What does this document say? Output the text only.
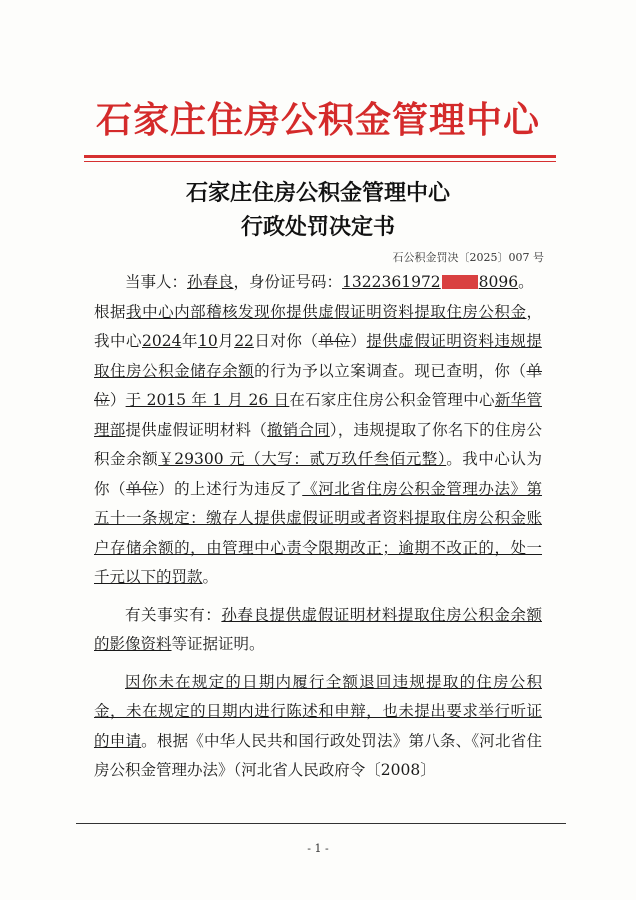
石家庄住房公积金管理中心
石家庄住房公积金管理中心
行政处罚决定书
石公积金罚决〔2025〕007 号

当事人：孙春良，身份证号码：1322361972 8096。

根据我中心内部稽核发现你提供虚假证明资料提取住房公积金，我中心2024年10月22日对你（单位）提供虚假证明资料违规提取住房公积金储存余额的行为予以立案调查。现已查明，你（单位）于 2015 年 1 月 26 日在石家庄住房公积金管理中心新华管理部提供虚假证明材料（撤销合同），违规提取了你名下的住房公积金余额￥29300 元（大写：贰万玖仟叁佰元整）。我中心认为你（单位）的上述行为违反了《河北省住房公积金管理办法》第五十一条规定：缴存人提供虚假证明或者资料提取住房公积金账户存储余额的，由管理中心责令限期改正；逾期不改正的，处一千元以下的罚款。

有关事实有：孙春良提供虚假证明材料提取住房公积金余额的影像资料等证据证明。

因你未在规定的日期内履行全额退回违规提取的住房公积金，未在规定的日期内进行陈述和申辩，也未提出要求举行听证的申请。根据《中华人民共和国行政处罚法》第八条、《河北省住房公积金管理办法》（河北省人民政府令〔2008〕

- 1 -
